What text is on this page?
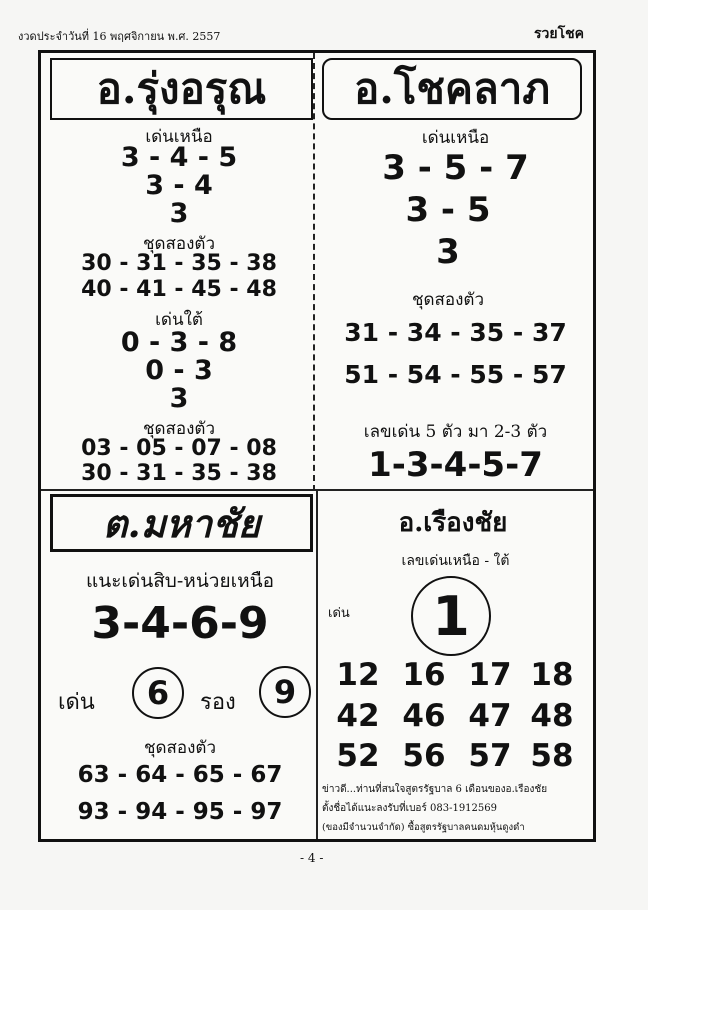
งวดประจำวันที่ 16 พฤศจิกายน พ.ศ. 2557	รวยโชค
อ.รุ่งอรุณ
เด่นเหนือ
3 - 4 - 5
3 - 4
3
ชุดสองตัว
30 - 31 - 35 - 38
40 - 41 - 45 - 48
เด่นใต้
0 - 3 - 8
0 - 3
3
ชุดสองตัว
03 - 05 - 07 - 08
30 - 31 - 35 - 38
อ.โชคลาภ
เด่นเหนือ
3 - 5 - 7
3 - 5
3
ชุดสองตัว
31 - 34 - 35 - 37
51 - 54 - 55 - 57
เลขเด่น 5 ตัว มา 2-3 ตัว
1-3-4-5-7
ต.มหาชัย
แนะเด่นสิบ-หน่วยเหนือ
3-4-6-9
เด่น	6	รอง	9
ชุดสองตัว
63 - 64 - 65 - 67
93 - 94 - 95 - 97
อ.เรืองชัย
เลขเด่นเหนือ - ใต้
เด่น	1
12 16 17 18
42 46 47 48
52 56 57 58
ข่าวดี...ท่านที่สนใจสูตรรัฐบาล 6 เดือนของอ.เรืองชัย
ตั้งชื่อได้แนะลงรับที่เบอร์ 083-1912569
(ของมีจำนวนจำกัด) ซื้อสูตรรัฐบาลคนดมหุ้นดูงดำ
- 4 -
